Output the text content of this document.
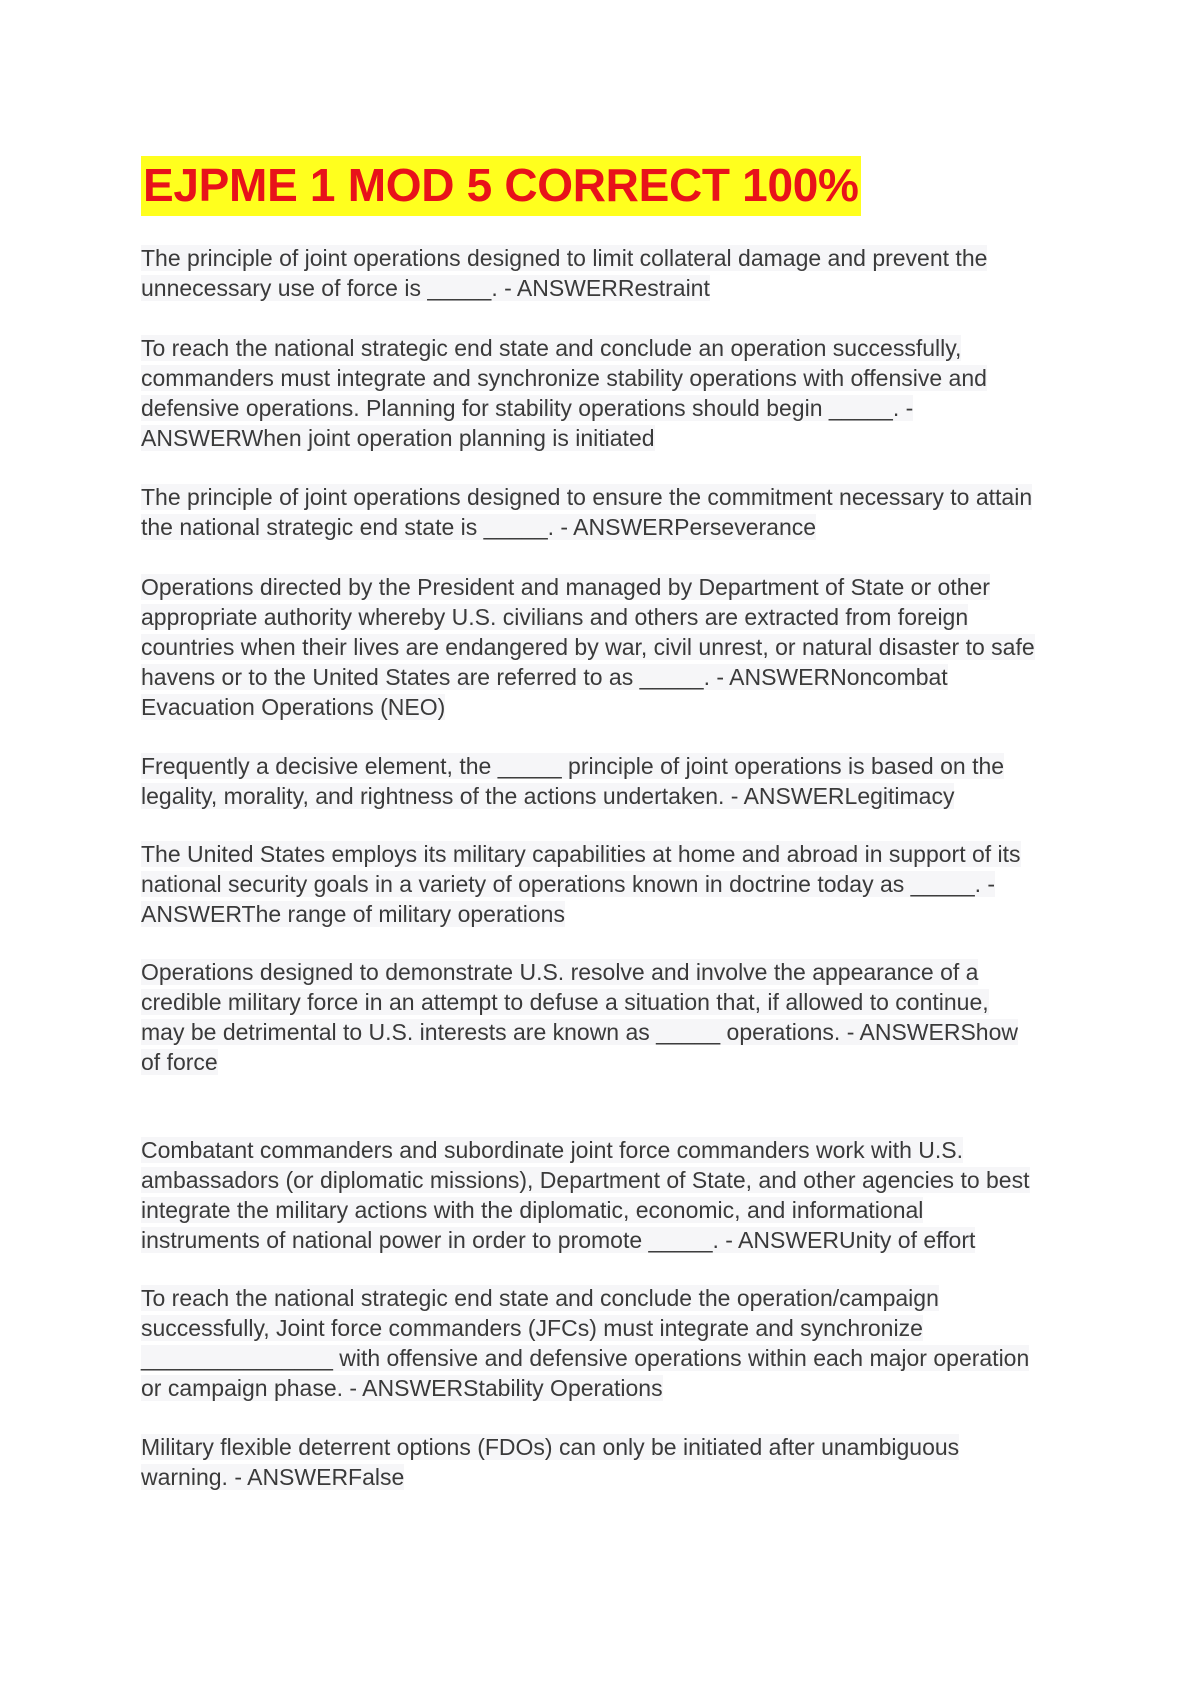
EJPME 1 MOD 5 CORRECT 100%
The principle of joint operations designed to limit collateral damage and prevent the
unnecessary use of force is _____. - ANSWERRestraint
To reach the national strategic end state and conclude an operation successfully,
commanders must integrate and synchronize stability operations with offensive and
defensive operations. Planning for stability operations should begin _____. -
ANSWERWhen joint operation planning is initiated
The principle of joint operations designed to ensure the commitment necessary to attain
the national strategic end state is _____. - ANSWERPerseverance
Operations directed by the President and managed by Department of State or other
appropriate authority whereby U.S. civilians and others are extracted from foreign
countries when their lives are endangered by war, civil unrest, or natural disaster to safe
havens or to the United States are referred to as _____. - ANSWERNoncombat
Evacuation Operations (NEO)
Frequently a decisive element, the _____ principle of joint operations is based on the
legality, morality, and rightness of the actions undertaken. - ANSWERLegitimacy
The United States employs its military capabilities at home and abroad in support of its
national security goals in a variety of operations known in doctrine today as _____. -
ANSWERThe range of military operations
Operations designed to demonstrate U.S. resolve and involve the appearance of a
credible military force in an attempt to defuse a situation that, if allowed to continue,
may be detrimental to U.S. interests are known as _____ operations. - ANSWERShow
of force
Combatant commanders and subordinate joint force commanders work with U.S.
ambassadors (or diplomatic missions), Department of State, and other agencies to best
integrate the military actions with the diplomatic, economic, and informational
instruments of national power in order to promote _____. - ANSWERUnity of effort
To reach the national strategic end state and conclude the operation/campaign
successfully, Joint force commanders (JFCs) must integrate and synchronize
_______________ with offensive and defensive operations within each major operation
or campaign phase. - ANSWERStability Operations
Military flexible deterrent options (FDOs) can only be initiated after unambiguous
warning. - ANSWERFalse
